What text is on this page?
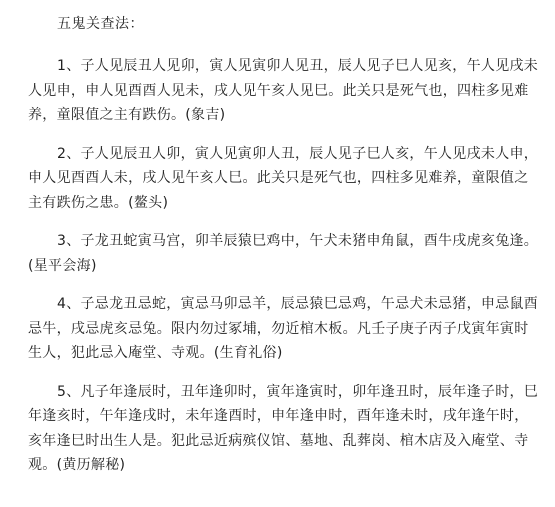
五鬼关查法：

1、子人见辰丑人见卯，寅人见寅卯人见丑，辰人见子巳人见亥，午人见戌未人见申，申人见酉酉人见未，戌人见午亥人见巳。此关只是死气也，四柱多见难养，童限值之主有跌伤。(象吉)

2、子人见辰丑人卯，寅人见寅卯人丑，辰人见子巳人亥，午人见戌未人申，申人见酉酉人未，戌人见午亥人巳。此关只是死气也，四柱多见难养，童限值之主有跌伤之患。(鳌头)

3、子龙丑蛇寅马宫，卯羊辰猿巳鸡中，午犬未猪申角鼠，酉牛戌虎亥兔逢。(星平会海)

4、子忌龙丑忌蛇，寅忌马卯忌羊，辰忌猿巳忌鸡，午忌犬未忌猪，申忌鼠酉忌牛，戌忌虎亥忌兔。限内勿过冢埔，勿近棺木板。凡壬子庚子丙子戊寅年寅时生人，犯此忌入庵堂、寺观。(生育礼俗)

5、凡子年逢辰时，丑年逢卯时，寅年逢寅时，卯年逢丑时，辰年逢子时，巳年逢亥时，午年逢戌时，未年逢酉时，申年逢申时，酉年逢未时，戌年逢午时，亥年逢巳时出生人是。犯此忌近病殡仪馆、墓地、乱葬岗、棺木店及入庵堂、寺观。(黄历解秘)
